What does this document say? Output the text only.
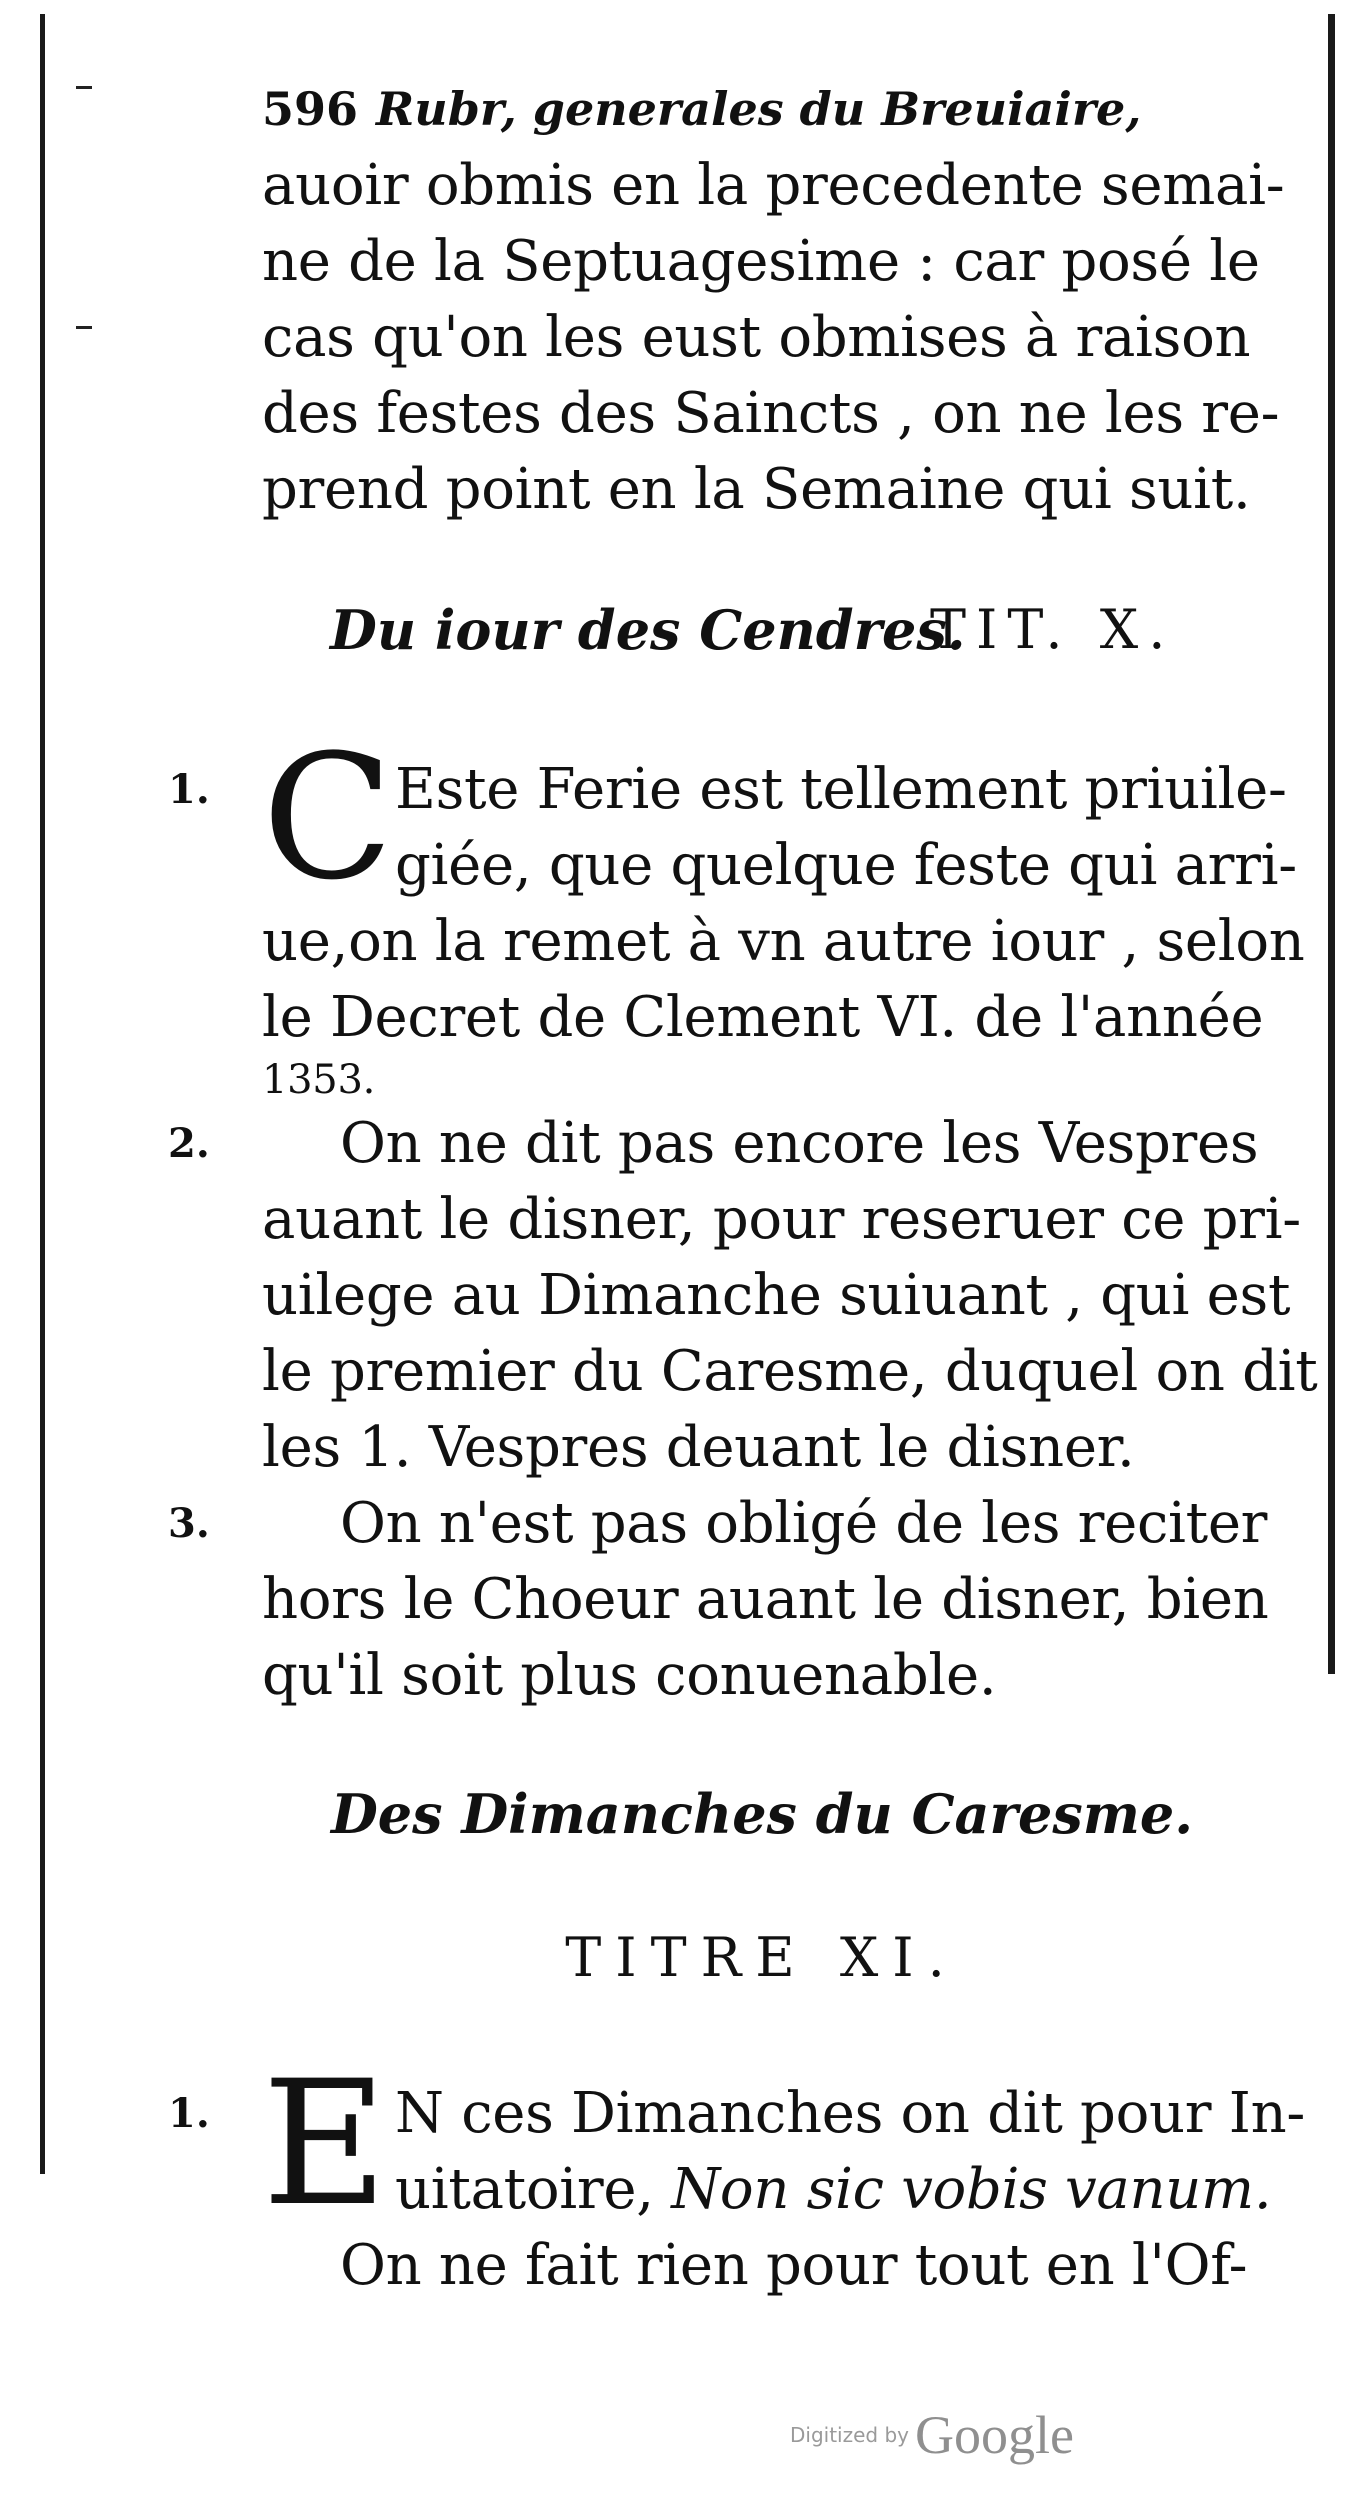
596 Rubr, generales du Breuiaire,
auoir obmis en la precedente semai-
ne de la Septuagesime : car posé le
cas qu'on les eust obmises à raison
des festes des Saincts , on ne les re-
prend point en la Semaine qui suit.
Du iour des Cendres.
TIT. X.
1. C Este Ferie est tellement priuile-
giée, que quelque feste qui arri-
ue,on la remet à vn autre iour , selon
le Decret de Clement VI. de l'année
1353.
2. On ne dit pas encore les Vespres
auant le disner, pour reseruer ce pri-
uilege au Dimanche suiuant , qui est
le premier du Caresme, duquel on dit
les 1. Vespres deuant le disner.
3. On n'est pas obligé de les reciter
hors le Choeur auant le disner, bien
qu'il soit plus conuenable.
Des Dimanches du Caresme.
TITRE XI.
1. E N ces Dimanches on dit pour In-
uitatoire, Non sic vobis vanum.
On ne fait rien pour tout en l'Of-
Digitized by Google
